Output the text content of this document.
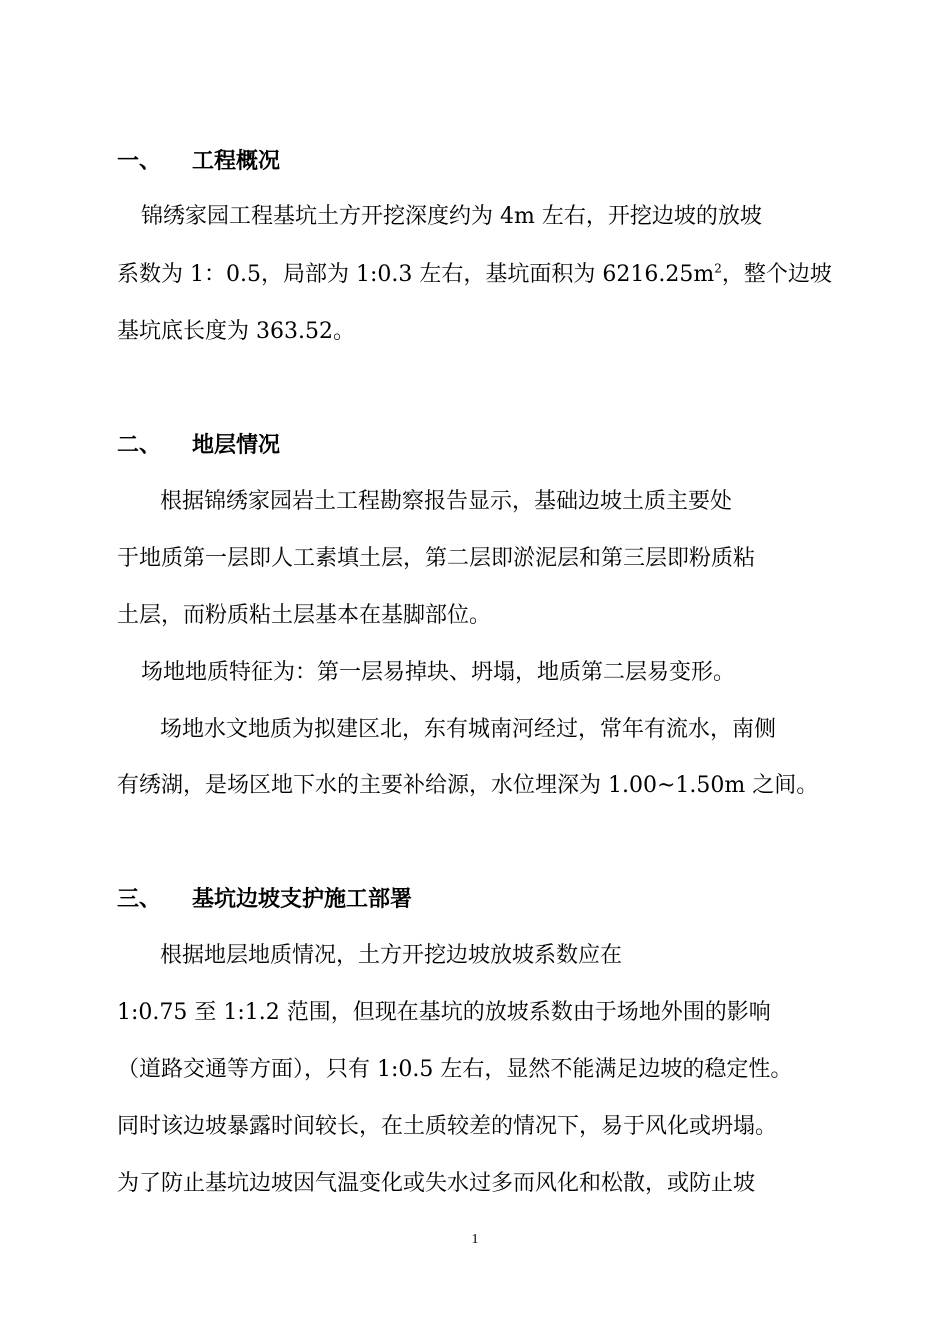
一、 工程概况
锦绣家园工程基坑土方开挖深度约为 4m 左右，开挖边坡的放坡
系数为 1：0.5，局部为 1:0.3 左右，基坑面积为 $6216.25m^2$，整个边坡
基坑底长度为 363.52。
二、 地层情况
根据锦绣家园岩土工程勘察报告显示，基础边坡土质主要处
于地质第一层即人工素填土层，第二层即淤泥层和第三层即粉质粘
土层，而粉质粘土层基本在基脚部位。
场地地质特征为：第一层易掉块、坍塌，地质第二层易变形。
场地水文地质为拟建区北，东有城南河经过，常年有流水，南侧
有绣湖，是场区地下水的主要补给源，水位埋深为 1.00~1.50m 之间。
三、 基坑边坡支护施工部署
根据地层地质情况，土方开挖边坡放坡系数应在
1:0.75 至 1:1.2 范围，但现在基坑的放坡系数由于场地外围的影响
（道路交通等方面），只有 1:0.5 左右，显然不能满足边坡的稳定性。
同时该边坡暴露时间较长，在土质较差的情况下，易于风化或坍塌。
为了防止基坑边坡因气温变化或失水过多而风化和松散，或防止坡
1
